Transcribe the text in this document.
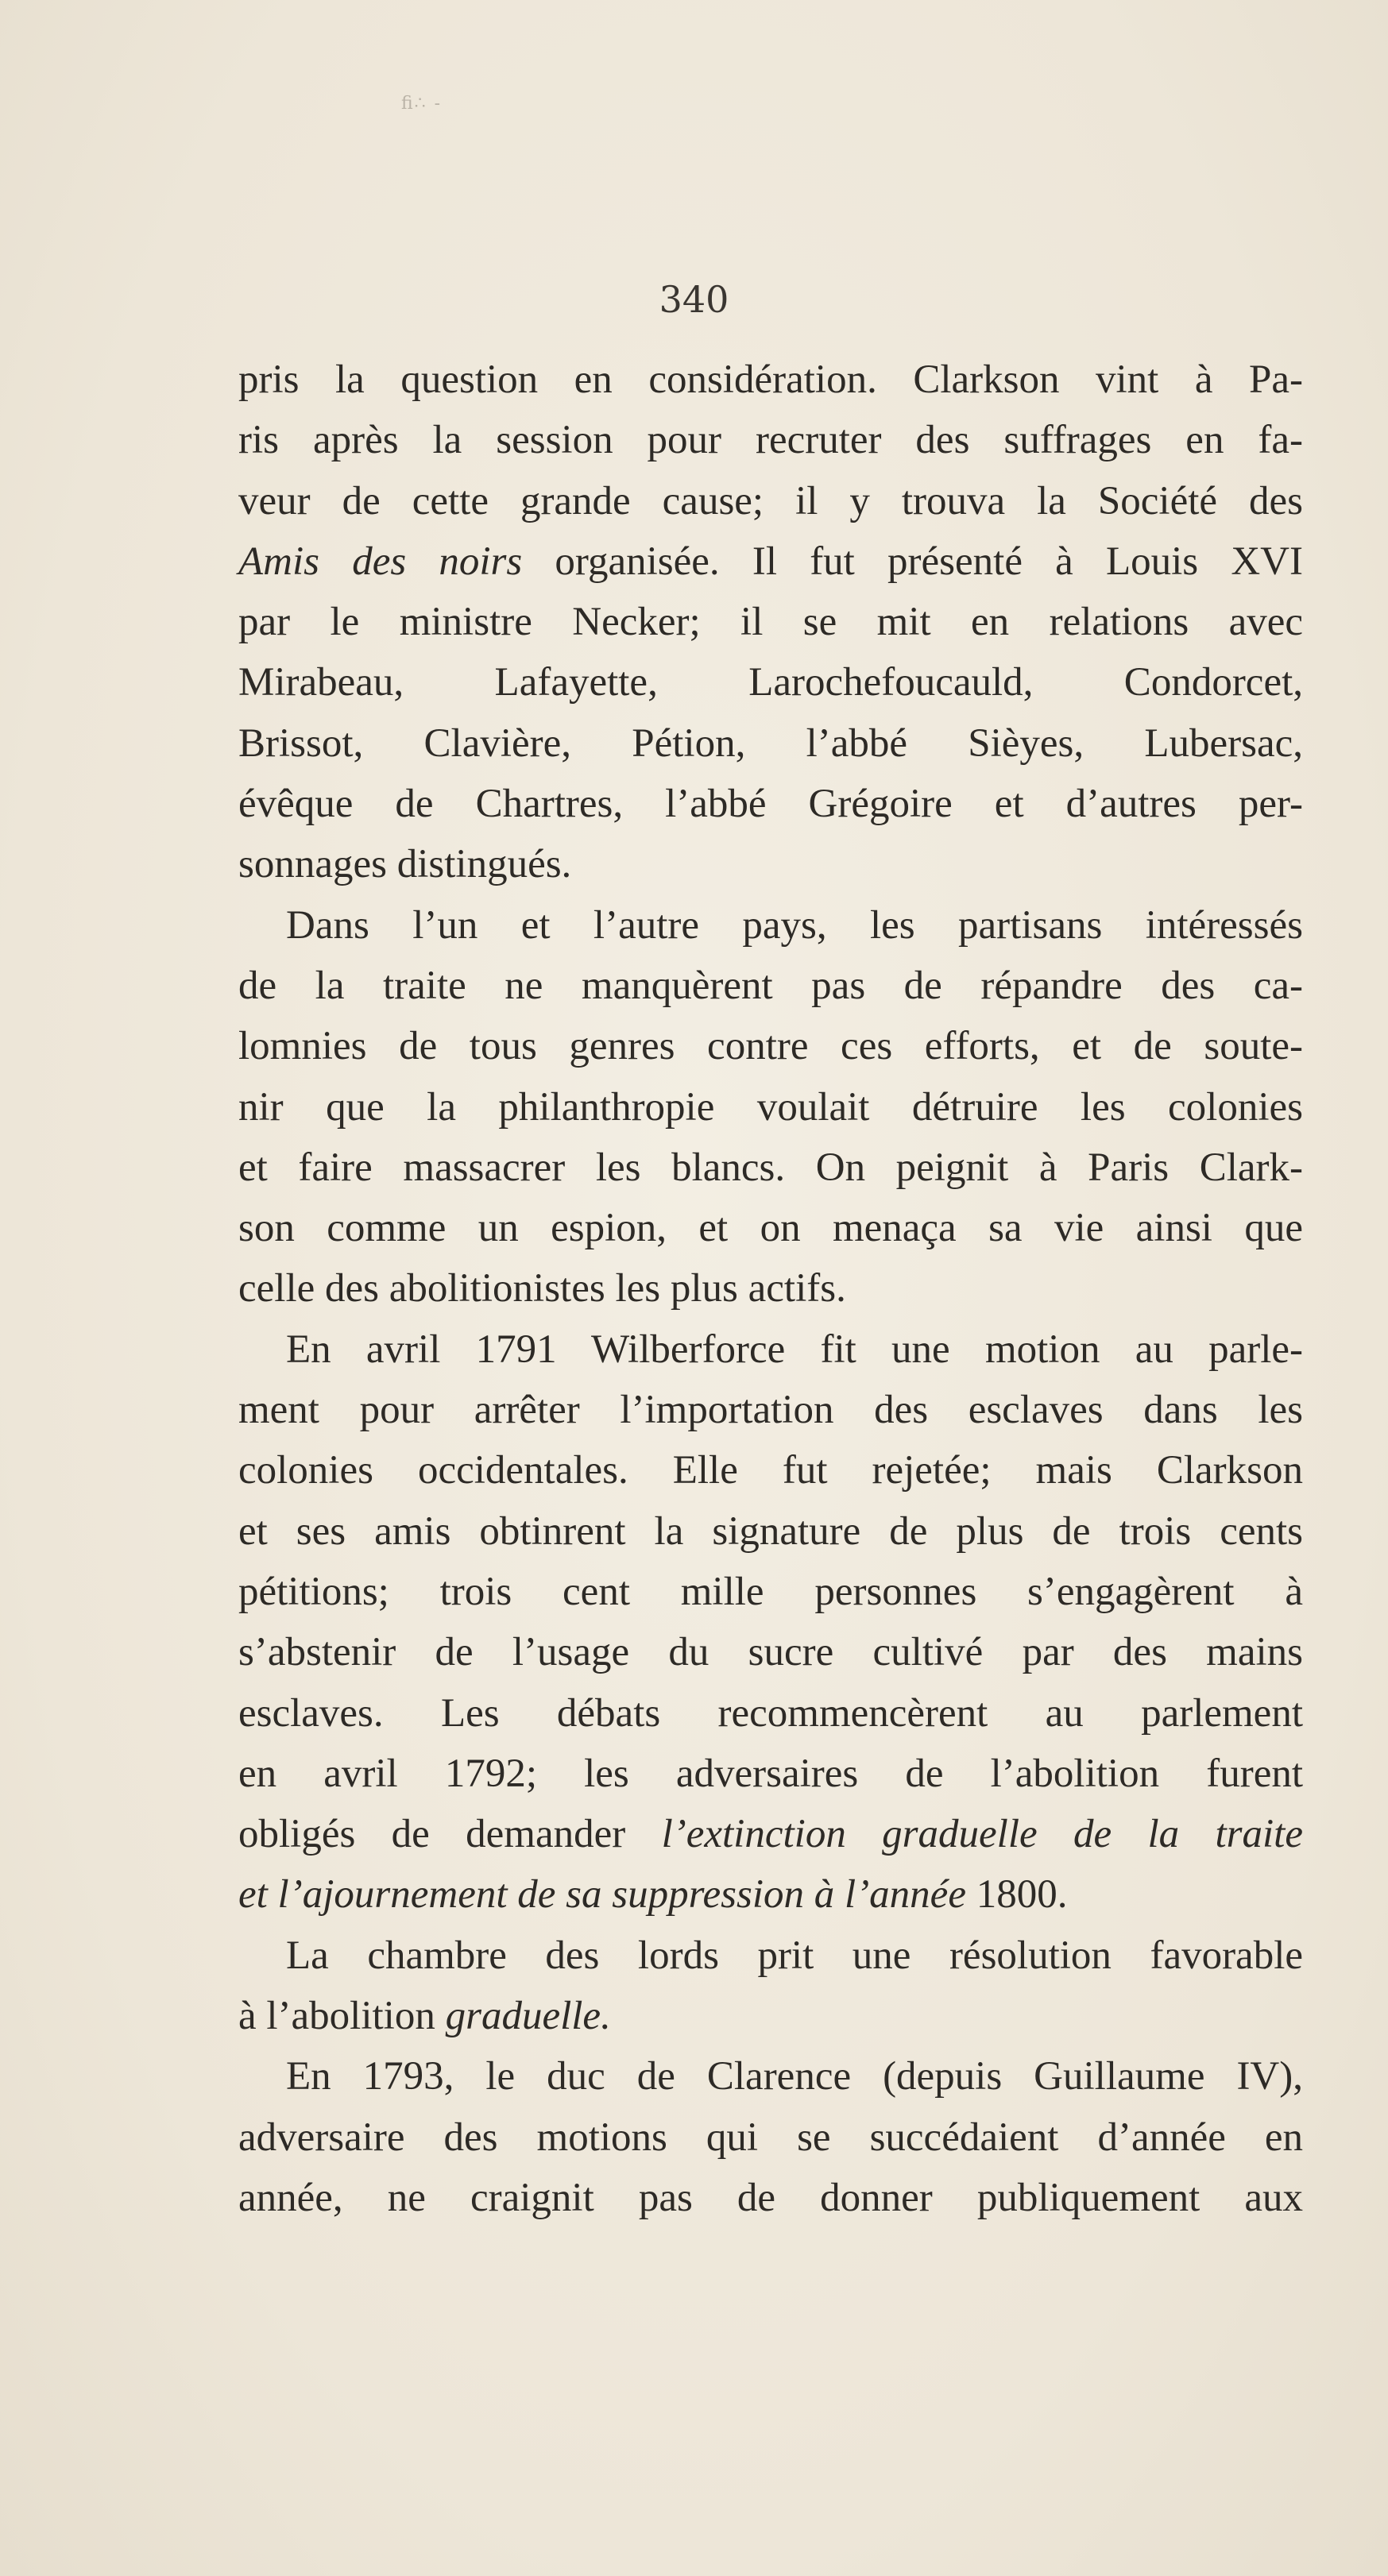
ﬁ∴ -
340
pris la question en considération. Clarkson vint à Pa-
ris après la session pour recruter des suffrages en fa-
veur de cette grande cause; il y trouva la Société des
Amis des noirs organisée. Il fut présenté à Louis XVI
par le ministre Necker; il se mit en relations avec
Mirabeau, Lafayette, Larochefoucauld, Condorcet,
Brissot, Clavière, Pétion, l’abbé Sièyes, Lubersac,
évêque de Chartres, l’abbé Grégoire et d’autres per-
sonnages distingués.
Dans l’un et l’autre pays, les partisans intéressés
de la traite ne manquèrent pas de répandre des ca-
lomnies de tous genres contre ces efforts, et de soute-
nir que la philanthropie voulait détruire les colonies
et faire massacrer les blancs. On peignit à Paris Clark-
son comme un espion, et on menaça sa vie ainsi que
celle des abolitionistes les plus actifs.
En avril 1791 Wilberforce fit une motion au parle-
ment pour arrêter l’importation des esclaves dans les
colonies occidentales. Elle fut rejetée; mais Clarkson
et ses amis obtinrent la signature de plus de trois cents
pétitions; trois cent mille personnes s’engagèrent à
s’abstenir de l’usage du sucre cultivé par des mains
esclaves. Les débats recommencèrent au parlement
en avril 1792; les adversaires de l’abolition furent
obligés de demander l’extinction graduelle de la traite
et l’ajournement de sa suppression à l’année 1800.
La chambre des lords prit une résolution favorable
à l’abolition graduelle.
En 1793, le duc de Clarence (depuis Guillaume IV),
adversaire des motions qui se succédaient d’année en
année, ne craignit pas de donner publiquement aux
